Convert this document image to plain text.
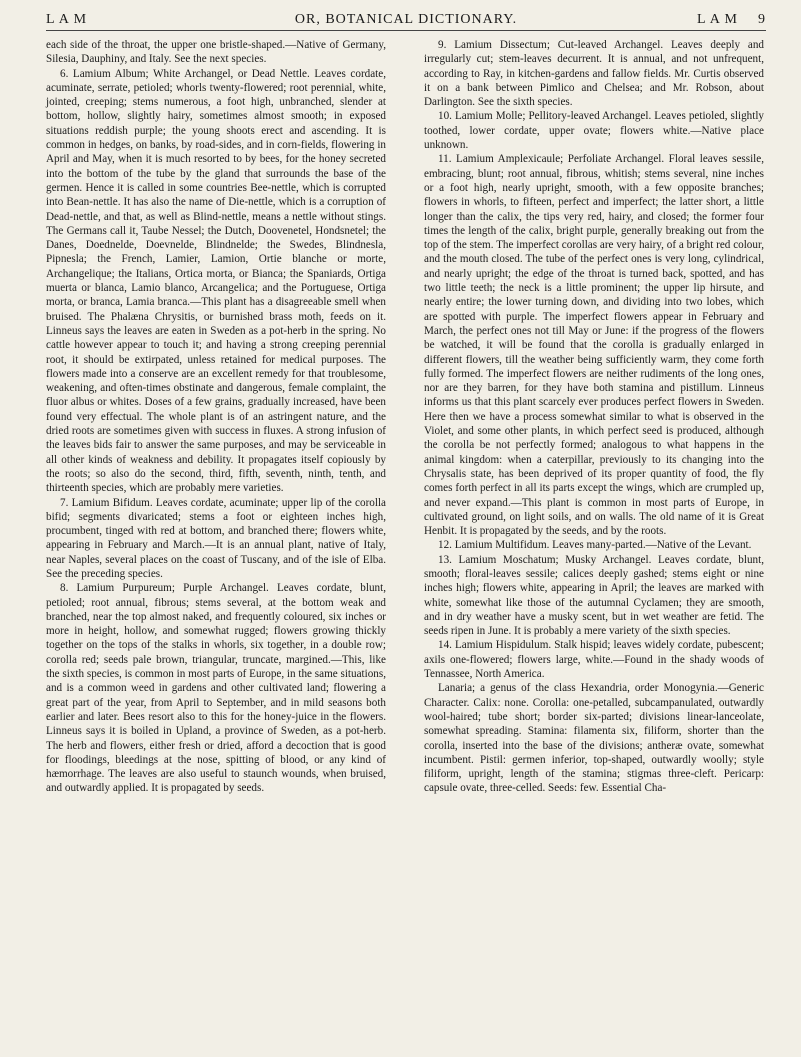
L A M	OR, BOTANICAL DICTIONARY.	L A M 9

each side of the throat, the upper one bristle-shaped.—Native of Germany, Silesia, Dauphiny, and Italy. See the next species.

6. Lamium Album; White Archangel, or Dead Nettle. Leaves cordate, acuminate, serrate, petioled; whorls twenty-flowered; root perennial, white, jointed, creeping; stems numerous, a foot high, unbranched, slender at bottom, hollow, slightly hairy, sometimes almost smooth; in exposed situations reddish purple; the young shoots erect and ascending. It is common in hedges, on banks, by road-sides, and in corn-fields, flowering in April and May, when it is much resorted to by bees, for the honey secreted into the bottom of the tube by the gland that surrounds the base of the germen. Hence it is called in some countries Bee-nettle, which is corrupted into Bean-nettle. It has also the name of Die-nettle, which is a corruption of Dead-nettle, and that, as well as Blind-nettle, means a nettle without stings. The Germans call it, Taube Nessel; the Dutch, Doovenetel, Hondsnetel; the Danes, Doednelde, Doevnelde, Blindnelde; the Swedes, Blindnesla, Pipnesla; the French, Lamier, Lamion, Ortie blanche or morte, Archangelique; the Italians, Ortica morta, or Bianca; the Spaniards, Ortiga muerta or blanca, Lamio blanco, Arcangelica; and the Portuguese, Ortiga morta, or branca, Lamia branca.—This plant has a disagreeable smell when bruised. The Phalæna Chrysitis, or burnished brass moth, feeds on it. Linneus says the leaves are eaten in Sweden as a pot-herb in the spring. No cattle however appear to touch it; and having a strong creeping perennial root, it should be extirpated, unless retained for medical purposes. The flowers made into a conserve are an excellent remedy for that troublesome, weakening, and often-times obstinate and dangerous, female complaint, the fluor albus or whites. Doses of a few grains, gradually increased, have been found very effectual. The whole plant is of an astringent nature, and the dried roots are sometimes given with success in fluxes. A strong infusion of the leaves bids fair to answer the same purposes, and may be serviceable in all other kinds of weakness and debility. It propagates itself copiously by the roots; so also do the second, third, fifth, seventh, ninth, tenth, and thirteenth species, which are probably mere varieties.

7. Lamium Bifidum. Leaves cordate, acuminate; upper lip of the corolla bifid; segments divaricated; stems a foot or eighteen inches high, procumbent, tinged with red at bottom, and branched there; flowers white, appearing in February and March.—It is an annual plant, native of Italy, near Naples, several places on the coast of Tuscany, and of the isle of Elba. See the preceding species.

8. Lamium Purpureum; Purple Archangel. Leaves cordate, blunt, petioled; root annual, fibrous; stems several, at the bottom weak and branched, near the top almost naked, and frequently coloured, six inches or more in height, hollow, and somewhat rugged; flowers growing thickly together on the tops of the stalks in whorls, six together, in a double row; corolla red; seeds pale brown, triangular, truncate, margined.—This, like the sixth species, is common in most parts of Europe, in the same situations, and is a common weed in gardens and other cultivated land; flowering a great part of the year, from April to September, and in mild seasons both earlier and later. Bees resort also to this for the honey-juice in the flowers. Linneus says it is boiled in Upland, a province of Sweden, as a pot-herb. The herb and flowers, either fresh or dried, afford a decoction that is good for floodings, bleedings at the nose, spitting of blood, or any kind of hæmorrhage. The leaves are also useful to staunch wounds, when bruised, and outwardly applied. It is propagated by seeds.

9. Lamium Dissectum; Cut-leaved Archangel. Leaves deeply and irregularly cut; stem-leaves decurrent. It is annual, and not unfrequent, according to Ray, in kitchen-gardens and fallow fields. Mr. Curtis observed it on a bank between Pimlico and Chelsea; and Mr. Robson, about Darlington. See the sixth species.

10. Lamium Molle; Pellitory-leaved Archangel. Leaves petioled, slightly toothed, lower cordate, upper ovate; flowers white.—Native place unknown.

11. Lamium Amplexicaule; Perfoliate Archangel. Floral leaves sessile, embracing, blunt; root annual, fibrous, whitish; stems several, nine inches or a foot high, nearly upright, smooth, with a few opposite branches; flowers in whorls, to fifteen, perfect and imperfect; the latter short, a little longer than the calix, the tips very red, hairy, and closed; the former four times the length of the calix, bright purple, generally breaking out from the top of the stem. The imperfect corollas are very hairy, of a bright red colour, and the mouth closed. The tube of the perfect ones is very long, cylindrical, and nearly upright; the edge of the throat is turned back, spotted, and has two little teeth; the neck is a little prominent; the upper lip hirsute, and nearly entire; the lower turning down, and dividing into two lobes, which are spotted with purple. The imperfect flowers appear in February and March, the perfect ones not till May or June: if the progress of the flowers be watched, it will be found that the corolla is gradually enlarged in different flowers, till the weather being sufficiently warm, they come forth fully formed. The imperfect flowers are neither rudiments of the long ones, nor are they barren, for they have both stamina and pistillum. Linneus informs us that this plant scarcely ever produces perfect flowers in Sweden. Here then we have a process somewhat similar to what is observed in the Violet, and some other plants, in which perfect seed is produced, although the corolla be not perfectly formed; analogous to what happens in the animal kingdom: when a caterpillar, previously to its changing into the Chrysalis state, has been deprived of its proper quantity of food, the fly comes forth perfect in all its parts except the wings, which are crumpled up, and never expand.—This plant is common in most parts of Europe, in cultivated ground, on light soils, and on walls. The old name of it is Great Henbit. It is propagated by the seeds, and by the roots.

12. Lamium Multifidum. Leaves many-parted.—Native of the Levant.

13. Lamium Moschatum; Musky Archangel. Leaves cordate, blunt, smooth; floral-leaves sessile; calices deeply gashed; stems eight or nine inches high; flowers white, appearing in April; the leaves are marked with white, somewhat like those of the autumnal Cyclamen; they are smooth, and in dry weather have a musky scent, but in wet weather are fetid. The seeds ripen in June. It is probably a mere variety of the sixth species.

14. Lamium Hispidulum. Stalk hispid; leaves widely cordate, pubescent; axils one-flowered; flowers large, white.—Found in the shady woods of Tennassee, North America.

Lanaria; a genus of the class Hexandria, order Monogynia.—Generic Character. Calix: none. Corolla: one-petalled, subcampanulated, outwardly wool-haired; tube short; border six-parted; divisions linear-lanceolate, somewhat spreading. Stamina: filamenta six, filiform, shorter than the corolla, inserted into the base of the divisions; antheræ ovate, somewhat incumbent. Pistil: germen inferior, top-shaped, outwardly woolly; style filiform, upright, length of the stamina; stigmas three-cleft. Pericarp: capsule ovate, three-celled. Seeds: few. Essential Cha-
